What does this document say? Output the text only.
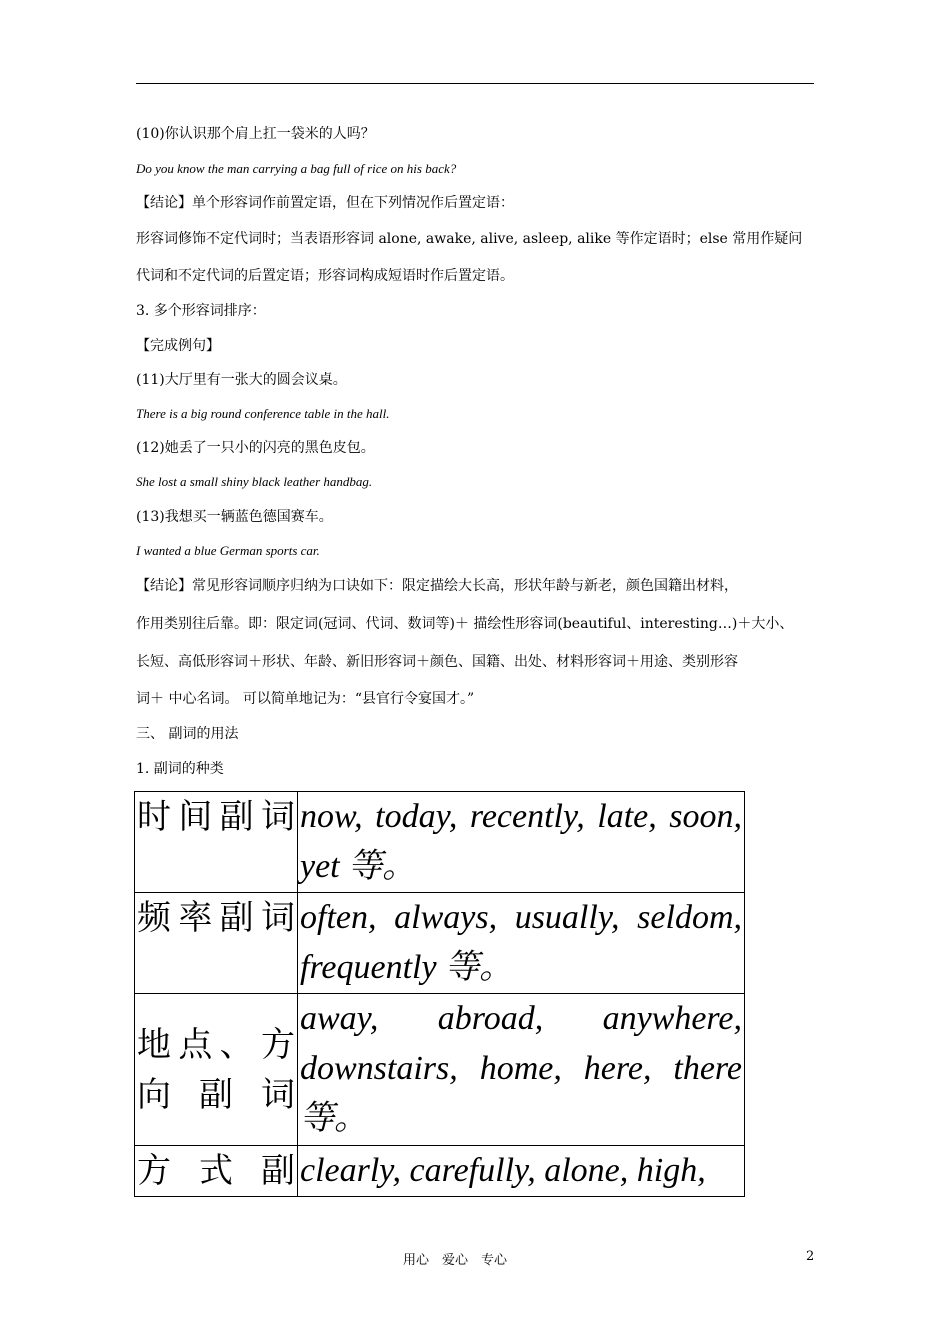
(10)你认识那个肩上扛一袋米的人吗？
Do you know the man carrying a bag full of rice on his back?
【结论】单个形容词作前置定语，但在下列情况作后置定语：
形容词修饰不定代词时；当表语形容词 alone, awake, alive, asleep, alike 等作定语时；else 常用作疑问
代词和不定代词的后置定语；形容词构成短语时作后置定语。
3. 多个形容词排序：
【完成例句】
(11)大厅里有一张大的圆会议桌。
There is a big round conference table in the hall.
(12)她丢了一只小的闪亮的黑色皮包。
She lost a small shiny black leather handbag.
(13)我想买一辆蓝色德国赛车。
I wanted a blue German sports car.
【结论】常见形容词顺序归纳为口诀如下：限定描绘大长高，形状年龄与新老，颜色国籍出材料，
作用类别往后靠。即：限定词(冠词、代词、数词等)＋ 描绘性形容词(beautiful、interesting…)＋大小、
长短、高低形容词＋形状、年龄、新旧形容词＋颜色、国籍、出处、材料形容词＋用途、类别形容
词＋ 中心名词。 可以简单地记为：“县官行令宴国才。”
三、 副词的用法
1. 副词的种类
时间副词	now, today, recently, late, soon, yet 等。
频率副词	often, always, usually, seldom, frequently 等。
地点、方向副词	away, abroad, anywhere, downstairs, home, here, there 等。
方式副	clearly, carefully, alone, high,
用心　爱心　专心	2
